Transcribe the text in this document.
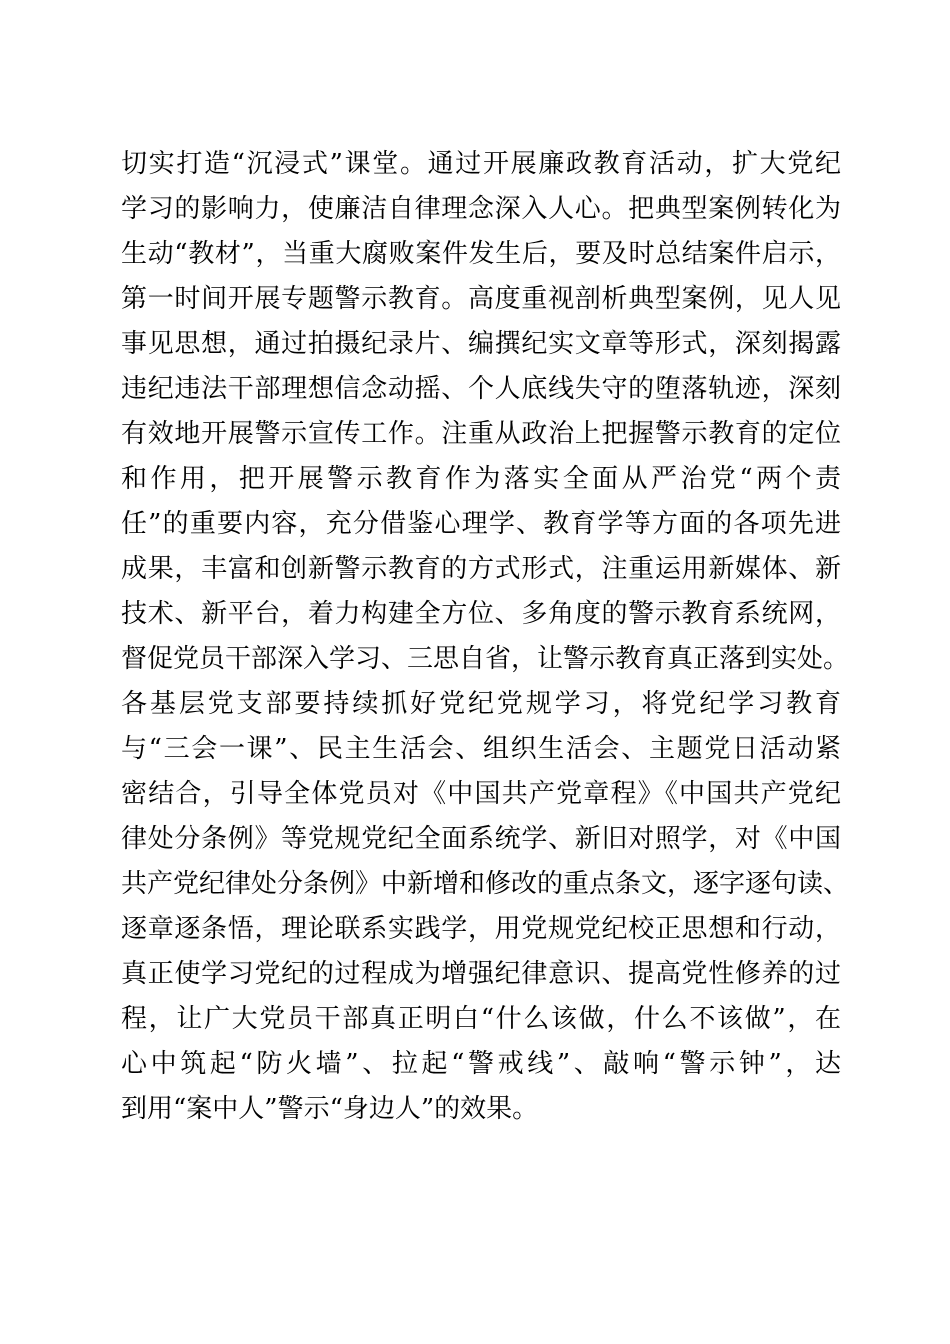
切实打造“沉浸式”课堂。通过开展廉政教育活动，扩大党纪
学习的影响力，使廉洁自律理念深入人心。把典型案例转化为
生动“教材”，当重大腐败案件发生后，要及时总结案件启示，
第一时间开展专题警示教育。高度重视剖析典型案例，见人见
事见思想，通过拍摄纪录片、编撰纪实文章等形式，深刻揭露
违纪违法干部理想信念动摇、个人底线失守的堕落轨迹，深刻
有效地开展警示宣传工作。注重从政治上把握警示教育的定位
和作用，把开展警示教育作为落实全面从严治党“两个责
任”的重要内容，充分借鉴心理学、教育学等方面的各项先进
成果，丰富和创新警示教育的方式形式，注重运用新媒体、新
技术、新平台，着力构建全方位、多角度的警示教育系统网，
督促党员干部深入学习、三思自省，让警示教育真正落到实处。
各基层党支部要持续抓好党纪党规学习，将党纪学习教育
与“三会一课”、民主生活会、组织生活会、主题党日活动紧
密结合，引导全体党员对《中国共产党章程》《中国共产党纪
律处分条例》等党规党纪全面系统学、新旧对照学，对《中国
共产党纪律处分条例》中新增和修改的重点条文，逐字逐句读、
逐章逐条悟，理论联系实践学，用党规党纪校正思想和行动，
真正使学习党纪的过程成为增强纪律意识、提高党性修养的过
程，让广大党员干部真正明白“什么该做，什么不该做”，在
心中筑起“防火墙”、拉起“警戒线”、敲响“警示钟”，达
到用“案中人”警示“身边人”的效果。
